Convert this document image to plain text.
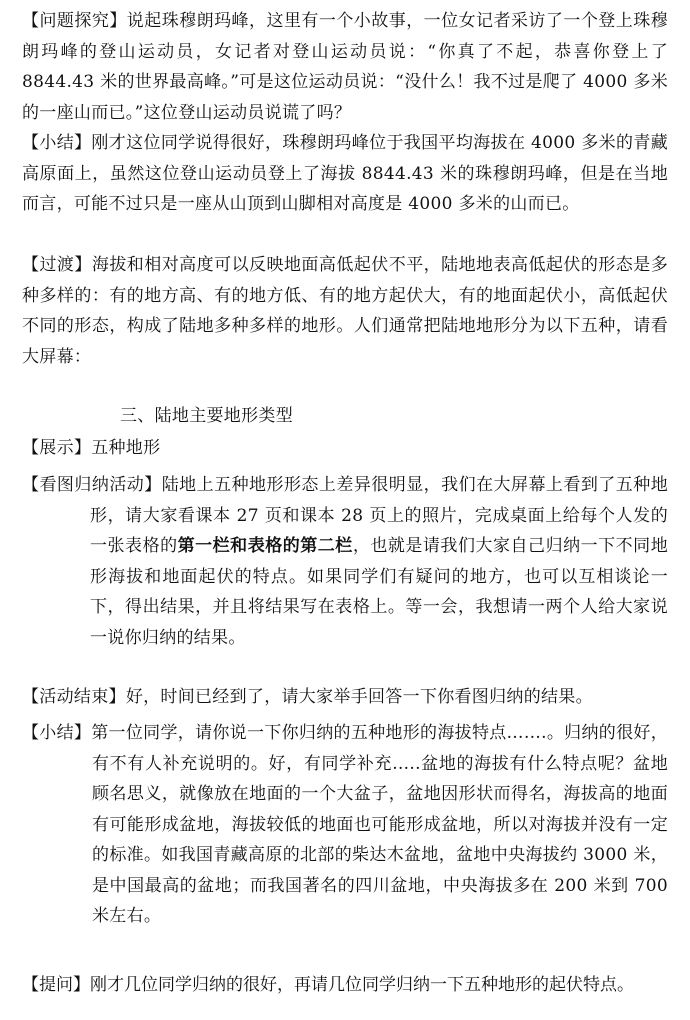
【问题探究】说起珠穆朗玛峰，这里有一个小故事，一位女记者采访了一个登上珠穆朗玛峰的登山运动员，女记者对登山运动员说：“你真了不起，恭喜你登上了 8844.43 米的世界最高峰。”可是这位运动员说：“没什么！我不过是爬了 4000 多米的一座山而已。”这位登山运动员说谎了吗？
【小结】刚才这位同学说得很好，珠穆朗玛峰位于我国平均海拔在 4000 多米的青藏高原面上，虽然这位登山运动员登上了海拔 8844.43 米的珠穆朗玛峰，但是在当地而言，可能不过只是一座从山顶到山脚相对高度是 4000 多米的山而已。
【过渡】海拔和相对高度可以反映地面高低起伏不平，陆地地表高低起伏的形态是多种多样的：有的地方高、有的地方低、有的地方起伏大，有的地面起伏小，高低起伏不同的形态，构成了陆地多种多样的地形。人们通常把陆地地形分为以下五种，请看大屏幕：
三、陆地主要地形类型
【展示】五种地形
【看图归纳活动】陆地上五种地形形态上差异很明显，我们在大屏幕上看到了五种地形，请大家看课本 27 页和课本 28 页上的照片，完成桌面上给每个人发的一张表格的第一栏和表格的第二栏，也就是请我们大家自己归纳一下不同地形海拔和地面起伏的特点。如果同学们有疑问的地方，也可以互相谈论一下，得出结果，并且将结果写在表格上。等一会，我想请一两个人给大家说一说你归纳的结果。
【活动结束】好，时间已经到了，请大家举手回答一下你看图归纳的结果。
【小结】第一位同学，请你说一下你归纳的五种地形的海拔特点…….。归纳的很好，有不有人补充说明的。好，有同学补充…..盆地的海拔有什么特点呢？盆地顾名思义，就像放在地面的一个大盆子，盆地因形状而得名，海拔高的地面有可能形成盆地，海拔较低的地面也可能形成盆地，所以对海拔并没有一定的标准。如我国青藏高原的北部的柴达木盆地，盆地中央海拔约 3000 米，是中国最高的盆地；而我国著名的四川盆地，中央海拔多在 200 米到 700 米左右。
【提问】刚才几位同学归纳的很好，再请几位同学归纳一下五种地形的起伏特点。
